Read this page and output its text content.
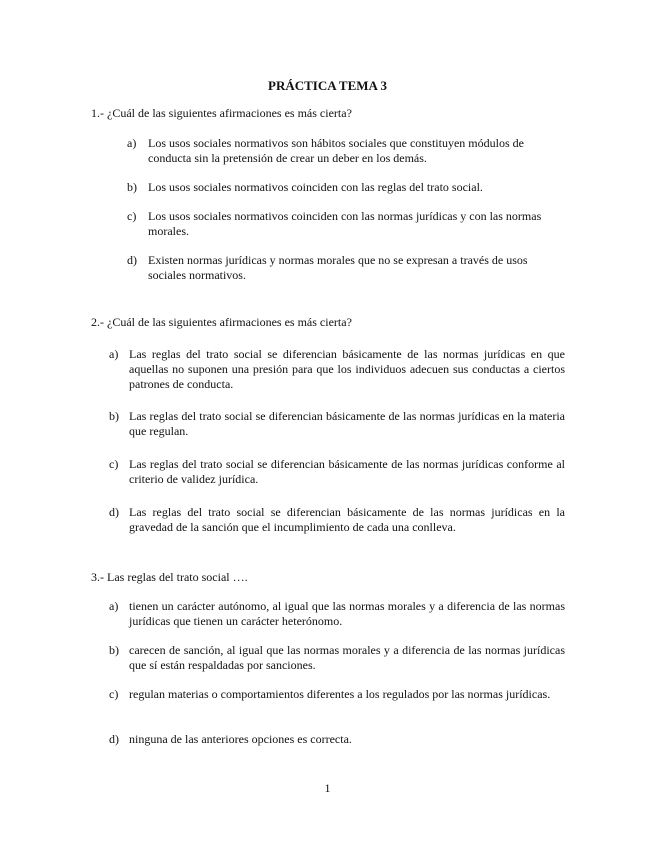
PRÁCTICA TEMA 3
1.- ¿Cuál de las siguientes afirmaciones es más cierta?
a) Los usos sociales normativos son hábitos sociales que constituyen módulos de conducta sin la pretensión de crear un deber en los demás.
b) Los usos sociales normativos coinciden con las reglas del trato social.
c) Los usos sociales normativos coinciden con las normas jurídicas y con las normas morales.
d) Existen normas jurídicas y normas morales que no se expresan a través de usos sociales normativos.
2.- ¿Cuál de las siguientes afirmaciones es más cierta?
a) Las reglas del trato social se diferencian básicamente de las normas jurídicas en que aquellas no suponen una presión para que los individuos adecuen sus conductas a ciertos patrones de conducta.
b) Las reglas del trato social se diferencian básicamente de las normas jurídicas en la materia que regulan.
c) Las reglas del trato social se diferencian básicamente de las normas jurídicas conforme al criterio de validez jurídica.
d) Las reglas del trato social se diferencian básicamente de las normas jurídicas en la gravedad de la sanción que el incumplimiento de cada una conlleva.
3.- Las reglas del trato social ….
a) tienen un carácter autónomo, al igual que las normas morales y a diferencia de las normas jurídicas que tienen un carácter heterónomo.
b) carecen de sanción, al igual que las normas morales y a diferencia de las normas jurídicas que sí están respaldadas por sanciones.
c) regulan materias o comportamientos diferentes a los regulados por las normas jurídicas.
d) ninguna de las anteriores opciones es correcta.
1
